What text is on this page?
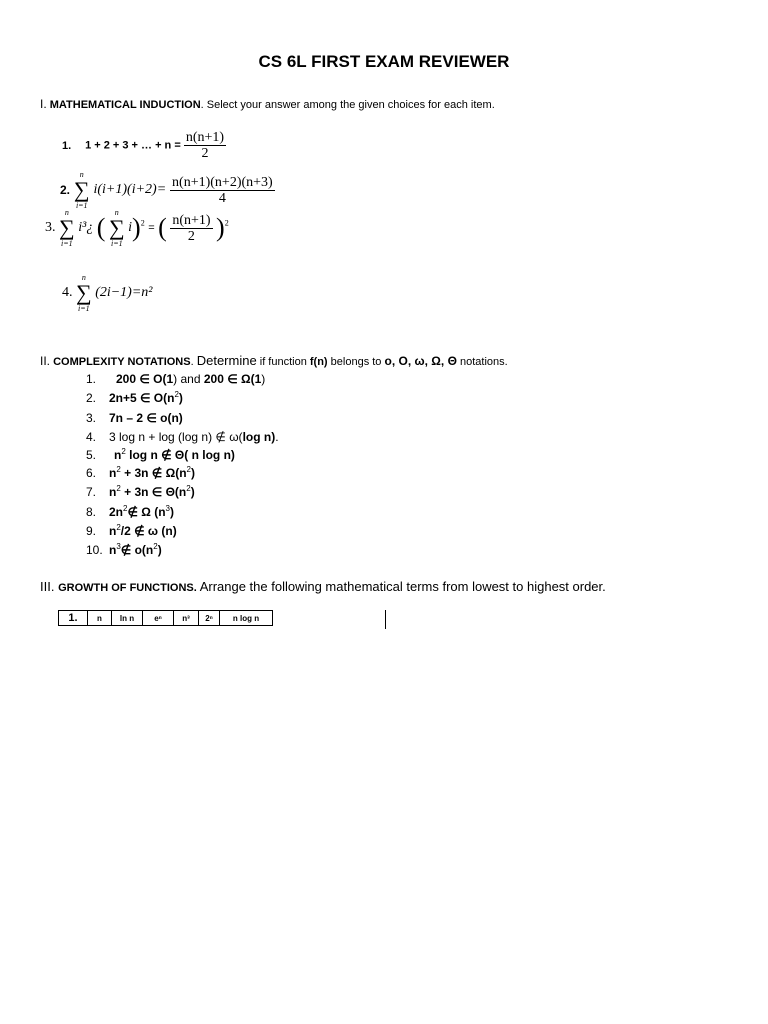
CS 6L FIRST EXAM REVIEWER
I. MATHEMATICAL INDUCTION. Select your answer among the given choices for each item.
1. 1 + 2 + 3 + … + $n = \frac{n(n+1)}{2}$
2.
n
∑
i=1
$i(i+1)(i+2)= \frac{n(n+1)(n+2)(n+3)}{4}$
3.
n
∑
i=1
i³¿ (
n
∑
i=1
i)$^2$ = ( $\frac{n(n+1)}{2} )^2$
4.
n
∑
i=1
(2i−1)=n²
II. COMPLEXITY NOTATIONS. Determine if function f(n) belongs to o, O, ω, Ω, Θ notations.
1. 200 ∈ O(1) and 200 ∈ Ω(1)
2. 2n+5 ∈ $O(n^2)$
3. 7n – 2 ∈ o(n)
4. 3 log n + log (log n) ∉ ω(log n).
5. $n^2$ log n ∉ Θ( n log n)
6. $n^2 + 3n$ ∉ $\Omega(n^2)$
7. $n^2 + 3n$ ∈ $\Theta(n^2)$
8. $2n^2\notin$ Ω $(n^3)$
9. $n^2/2$ ∉ ω (n)
10. $n^3\notin$ $o(n^2)$
III. GROWTH OF FUNCTIONS. Arrange the following mathematical terms from lowest to highest order.
1.	n	ln n	eⁿ	n³	2ⁿ	n log n
